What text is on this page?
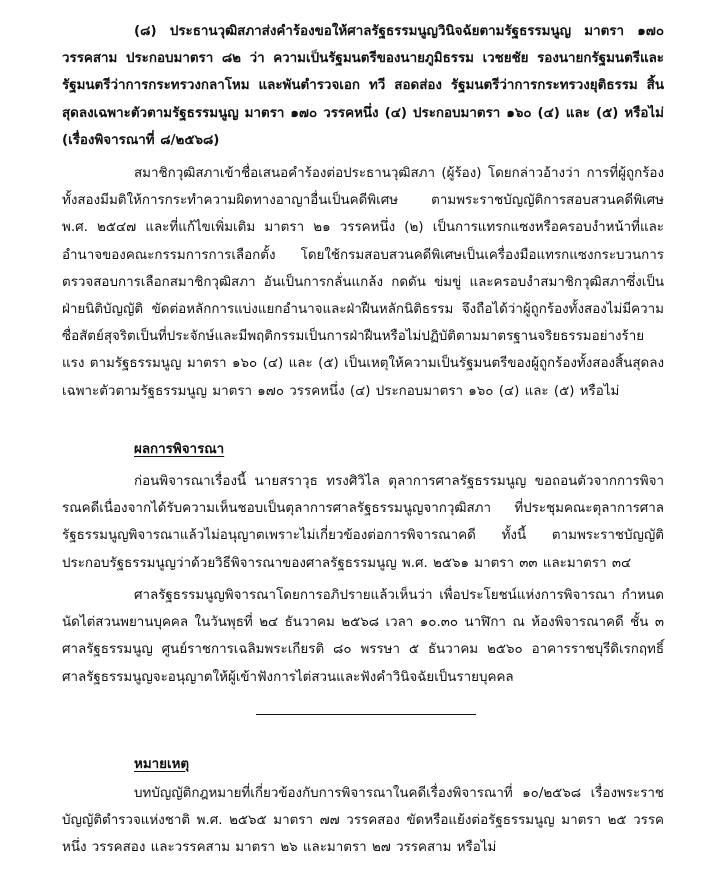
(๘) ประธานวุฒิสภาส่งคำร้องขอให้ศาลรัฐธรรมนูญวินิจฉัยตามรัฐธรรมนูญ มาตรา ๑๗๐ วรรคสาม ประกอบมาตรา ๘๒ ว่า ความเป็นรัฐมนตรีของนายภูมิธรรม เวชยชัย รองนายกรัฐมนตรีและรัฐมนตรีว่าการกระทรวงกลาโหม และพันตำรวจเอก ทวี สอดส่อง รัฐมนตรีว่าการกระทรวงยุติธรรม สิ้นสุดลงเฉพาะตัวตามรัฐธรรมนูญ มาตรา ๑๗๐ วรรคหนึ่ง (๔) ประกอบมาตรา ๑๖๐ (๔) และ (๕) หรือไม่ (เรื่องพิจารณาที่ ๘/๒๕๖๘)

สมาชิกวุฒิสภาเข้าชื่อเสนอคำร้องต่อประธานวุฒิสภา (ผู้ร้อง) โดยกล่าวอ้างว่า การที่ผู้ถูกร้องทั้งสองมีมติให้การกระทำความผิดทางอาญาอื่นเป็นคดีพิเศษ ตามพระราชบัญญัติการสอบสวนคดีพิเศษ พ.ศ. ๒๕๔๗ และที่แก้ไขเพิ่มเติม มาตรา ๒๑ วรรคหนึ่ง (๒) เป็นการแทรกแซงหรือครอบงำหน้าที่และอำนาจของคณะกรรมการการเลือกตั้ง โดยใช้กรมสอบสวนคดีพิเศษเป็นเครื่องมือแทรกแซงกระบวนการตรวจสอบการเลือกสมาชิกวุฒิสภา อันเป็นการกลั่นแกล้ง กดดัน ข่มขู่ และครอบงำสมาชิกวุฒิสภาซึ่งเป็นฝ่ายนิติบัญญัติ ขัดต่อหลักการแบ่งแยกอำนาจและฝ่าฝืนหลักนิติธรรม จึงถือได้ว่าผู้ถูกร้องทั้งสองไม่มีความซื่อสัตย์สุจริตเป็นที่ประจักษ์และมีพฤติกรรมเป็นการฝ่าฝืนหรือไม่ปฏิบัติตามมาตรฐานจริยธรรมอย่างร้ายแรง ตามรัฐธรรมนูญ มาตรา ๑๖๐ (๔) และ (๕) เป็นเหตุให้ความเป็นรัฐมนตรีของผู้ถูกร้องทั้งสองสิ้นสุดลงเฉพาะตัวตามรัฐธรรมนูญ มาตรา ๑๗๐ วรรคหนึ่ง (๔) ประกอบมาตรา ๑๖๐ (๔) และ (๕) หรือไม่

ผลการพิจารณา

ก่อนพิจารณาเรื่องนี้ นายสราวุธ ทรงศิวิไล ตุลาการศาลรัฐธรรมนูญ ขอถอนตัวจากการพิจารณคดีเนื่องจากได้รับความเห็นชอบเป็นตุลาการศาลรัฐธรรมนูญจากวุฒิสภา ที่ประชุมคณะตุลาการศาลรัฐธรรมนูญพิจารณาแล้วไม่อนุญาตเพราะไม่เกี่ยวข้องต่อการพิจารณาคดี ทั้งนี้ ตามพระราชบัญญัติประกอบรัฐธรรมนูญว่าด้วยวิธีพิจารณาของศาลรัฐธรรมนูญ พ.ศ. ๒๕๖๑ มาตรา ๓๓ และมาตรา ๓๔

ศาลรัฐธรรมนูญพิจารณาโดยการอภิปรายแล้วเห็นว่า เพื่อประโยชน์แห่งการพิจารณา กำหนดนัดไต่สวนพยานบุคคล ในวันพุธที่ ๒๔ ธันวาคม ๒๕๖๘ เวลา ๑๐.๓๐ นาฬิกา ณ ห้องพิจารณาคดี ชั้น ๓ ศาลรัฐธรรมนูญ ศูนย์ราชการเฉลิมพระเกียรติ ๘๐ พรรษา ๕ ธันวาคม ๒๕๖๐ อาคารราชบุรีดิเรกฤทธิ์ ศาลรัฐธรรมนูญจะอนุญาตให้ผู้เข้าฟังการไต่สวนและฟังคำวินิจฉัยเป็นรายบุคคล

หมายเหตุ

บทบัญญัติกฎหมายที่เกี่ยวข้องกับการพิจารณาในคดีเรื่องพิจารณาที่ ๑๐/๒๕๖๘ เรื่องพระราชบัญญัติตำรวจแห่งชาติ พ.ศ. ๒๕๖๕ มาตรา ๗๗ วรรคสอง ขัดหรือแย้งต่อรัฐธรรมนูญ มาตรา ๒๕ วรรคหนึ่ง วรรคสอง และวรรคสาม มาตรา ๒๖ และมาตรา ๒๗ วรรคสาม หรือไม่
